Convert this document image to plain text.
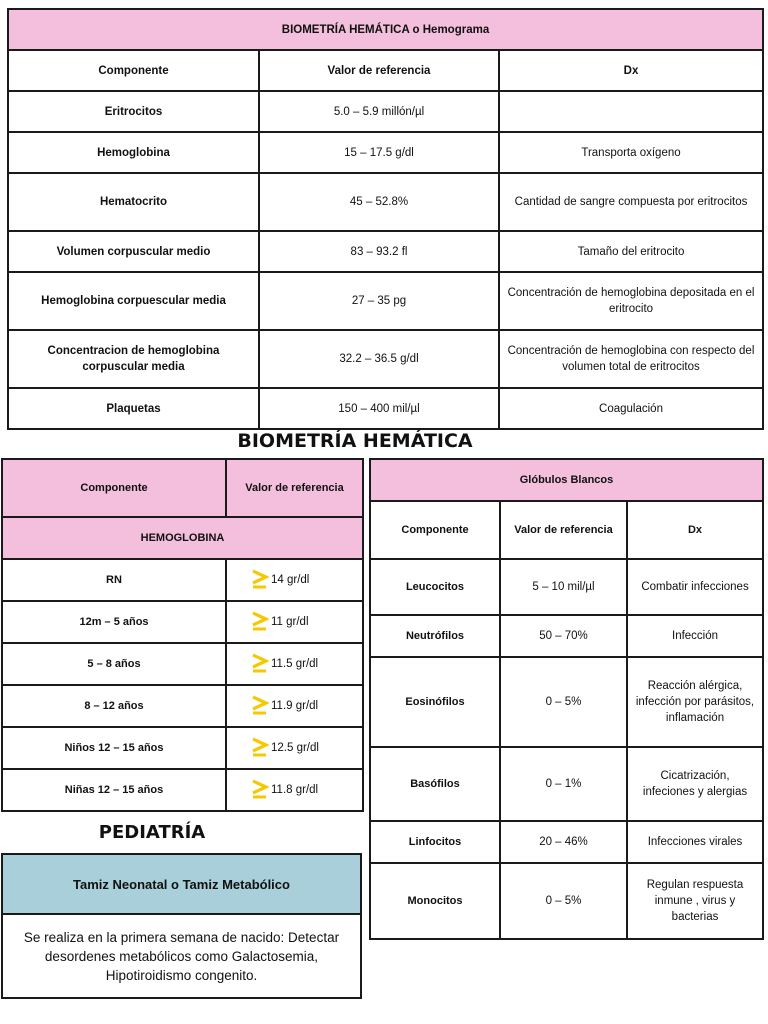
BIOMETRÍA HEMÁTICA o Hemograma		
Componente	Valor de referencia	Dx
Eritrocitos	5.0 – 5.9 millón/µl	
Hemoglobina	15 – 17.5 g/dl	Transporta oxígeno
Hematocrito	45 – 52.8%	Cantidad de sangre compuesta por eritrocitos
Volumen corpuscular medio	83 – 93.2 fl	Tamaño del eritrocito
Hemoglobina corpuescular media	27 – 35 pg	Concentración de hemoglobina depositada en el eritrocito
Concentracion de hemoglobina corpuscular media	32.2 – 36.5 g/dl	Concentración de hemoglobina con respecto del volumen total de eritrocitos
Plaquetas	150 – 400 mil/µl	Coagulación
BIOMETRÍA HEMÁTICA
Componente	Valor de referencia
HEMOGLOBINA	
RN	14 gr/dl
12m – 5 años	11 gr/dl
5 – 8 años	11.5 gr/dl
8 – 12 años	11.9 gr/dl
Niños 12 – 15 años	12.5 gr/dl
Niñas 12 – 15 años	11.8 gr/dl
Glóbulos Blancos		
Componente	Valor de referencia	Dx
Leucocitos	5 – 10 mil/µl	Combatir infecciones
Neutrófilos	50 – 70%	Infección
Eosinófilos	0 – 5%	Reacción alérgica, infección por parásitos, inflamación
Basófilos	0 – 1%	Cicatrización, infeciones y alergias
Linfocitos	20 – 46%	Infecciones virales
Monocitos	0 – 5%	Regulan respuesta inmune , virus y bacterias
PEDIATRÍA
Tamiz Neonatal o Tamiz Metabólico
Se realiza en la primera semana de nacido: Detectar desordenes metabólicos como Galactosemia, Hipotiroidismo congenito.
